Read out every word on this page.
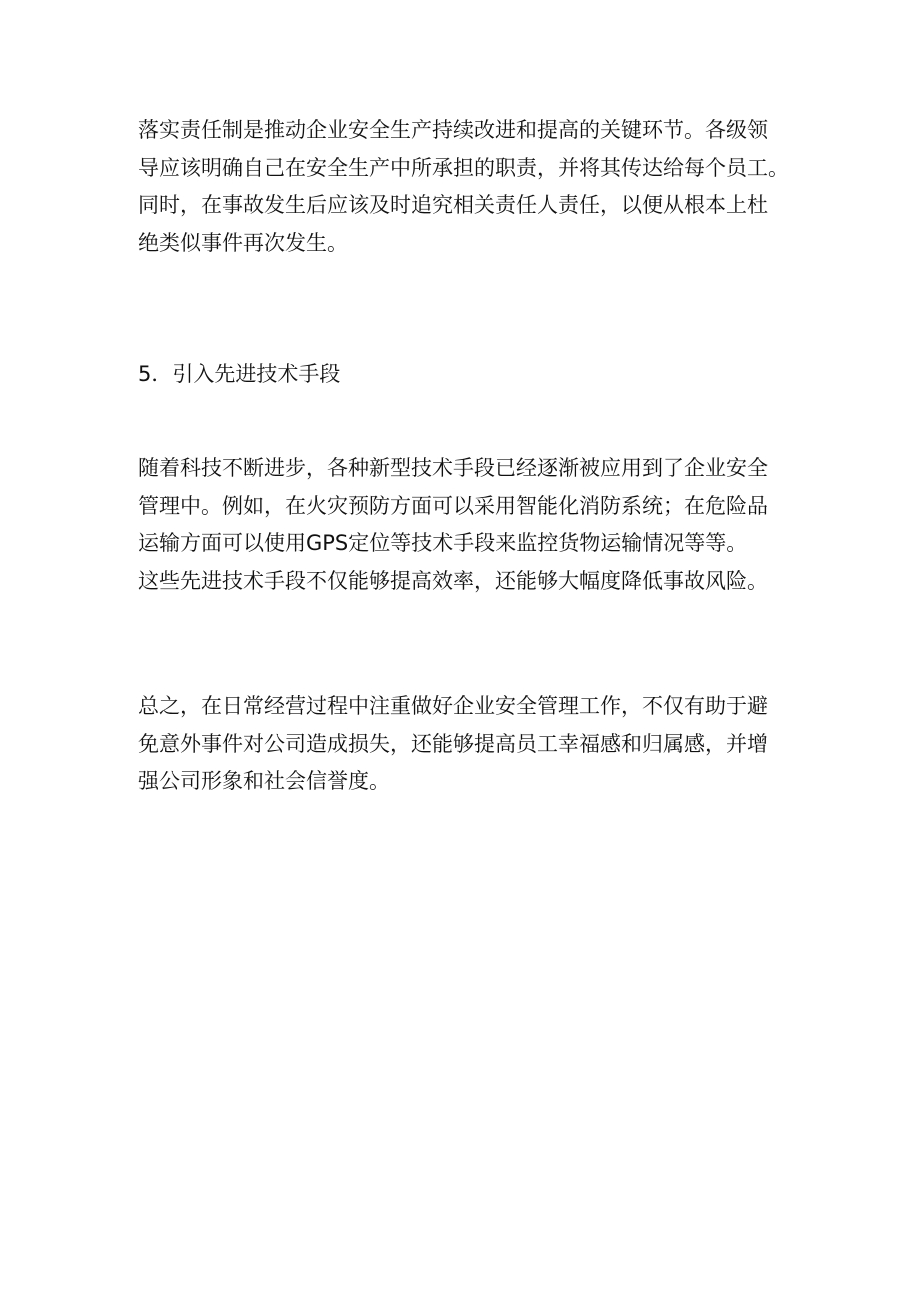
落实责任制是推动企业安全生产持续改进和提高的关键环节。各级领
导应该明确自己在安全生产中所承担的职责，并将其传达给每个员工。
同时，在事故发生后应该及时追究相关责任人责任，以便从根本上杜
绝类似事件再次发生。
5．引入先进技术手段
随着科技不断进步，各种新型技术手段已经逐渐被应用到了企业安全
管理中。例如，在火灾预防方面可以采用智能化消防系统；在危险品
运输方面可以使用GPS定位等技术手段来监控货物运输情况等等。
这些先进技术手段不仅能够提高效率，还能够大幅度降低事故风险。
总之，在日常经营过程中注重做好企业安全管理工作，不仅有助于避
免意外事件对公司造成损失，还能够提高员工幸福感和归属感，并增
强公司形象和社会信誉度。
